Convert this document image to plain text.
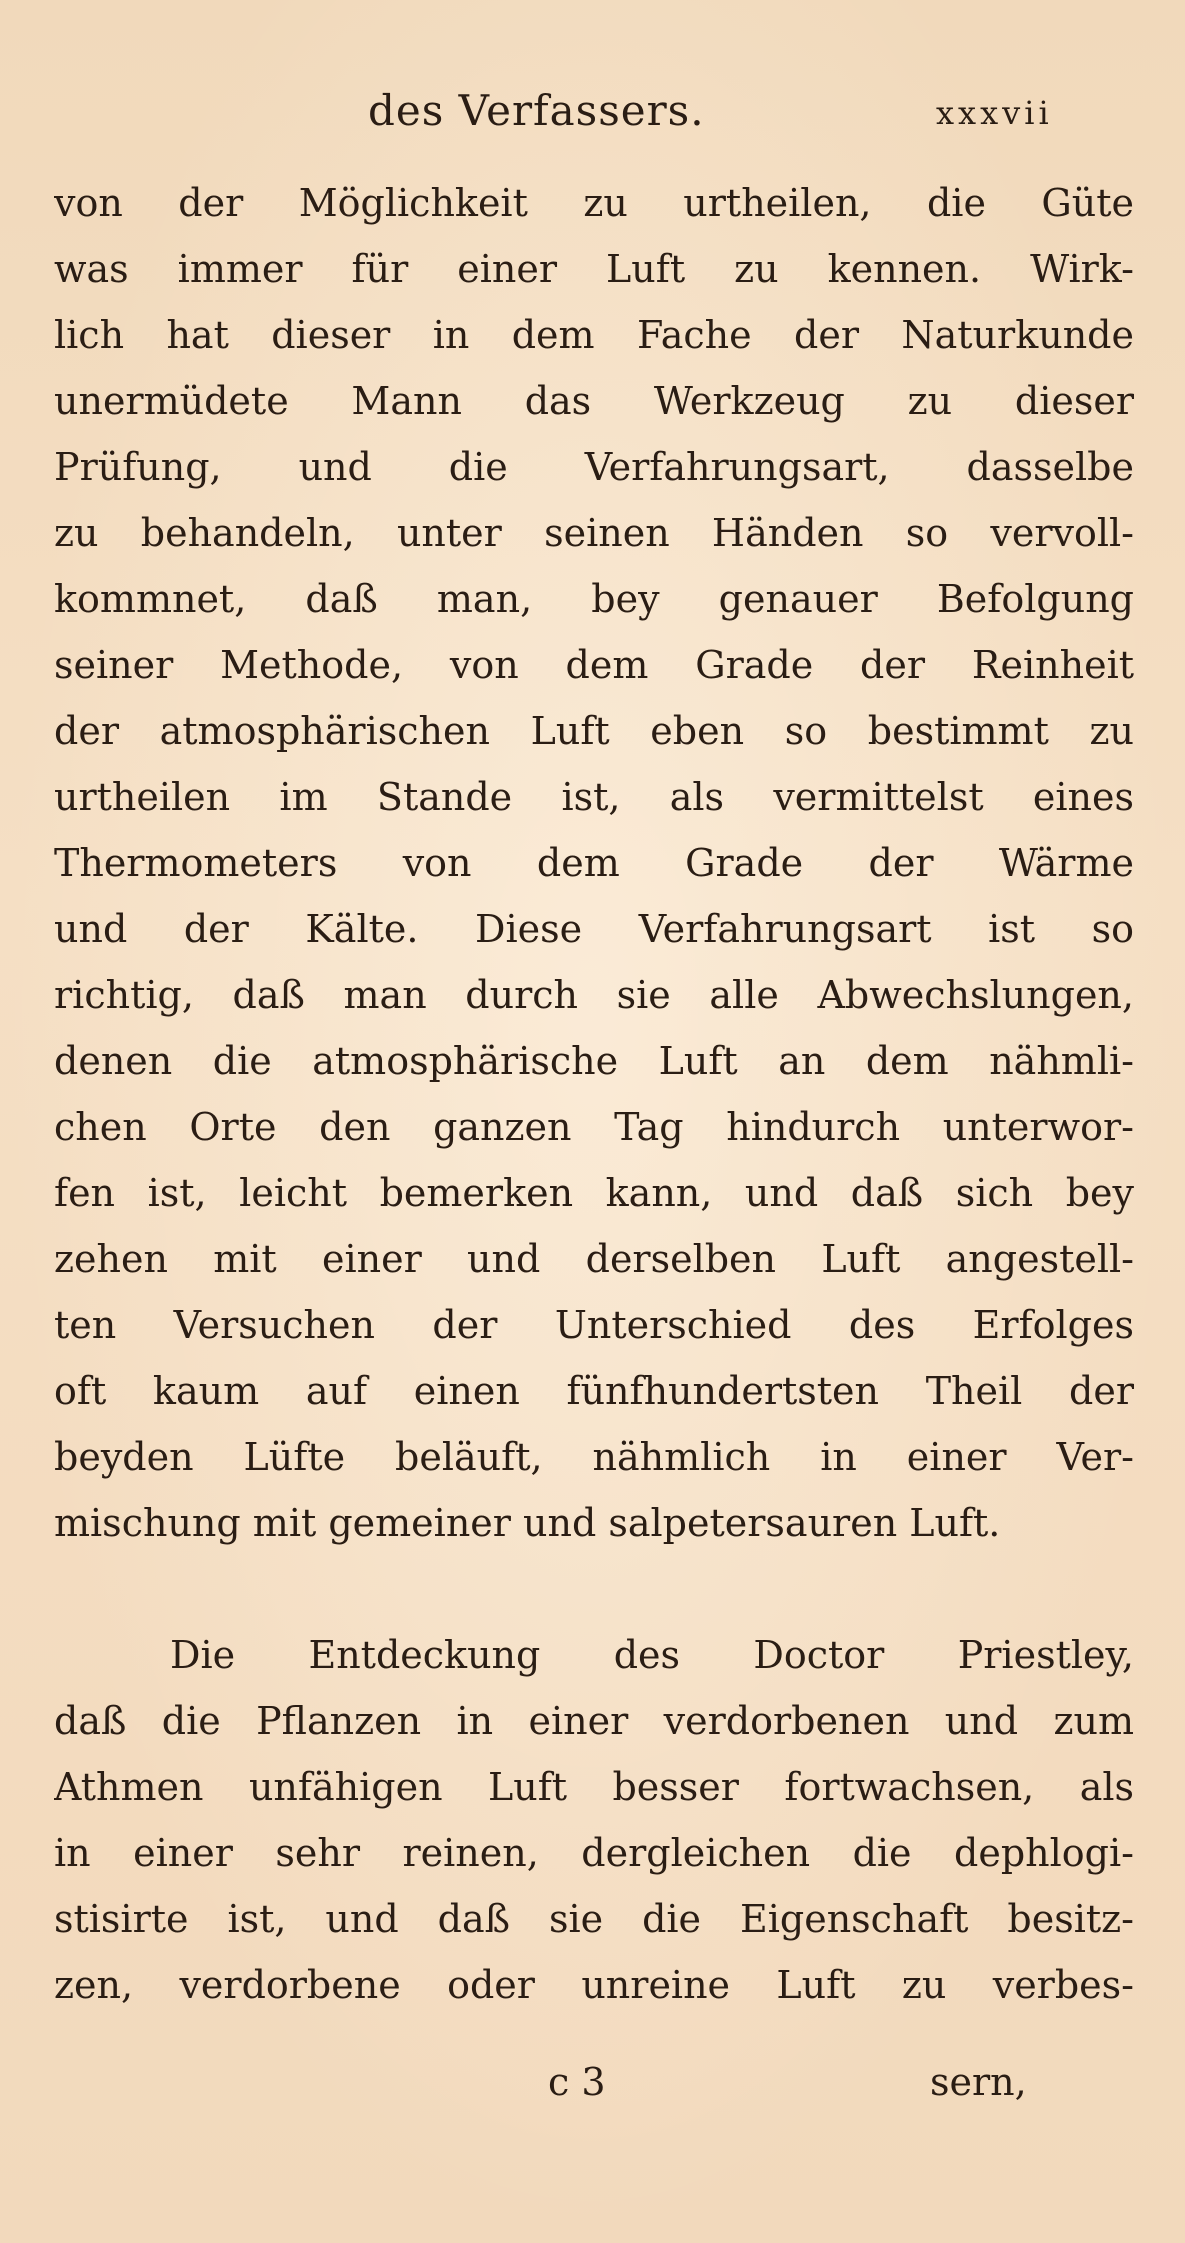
des Verfassers.	xxxvii
von der Möglichkeit zu urtheilen, die Güte
was immer für einer Luft zu kennen. Wirk-
lich hat dieser in dem Fache der Naturkunde
unermüdete Mann das Werkzeug zu dieser
Prüfung, und die Verfahrungsart, dasselbe
zu behandeln, unter seinen Händen so vervoll-
kommnet, daß man, bey genauer Befolgung
seiner Methode, von dem Grade der Reinheit
der atmosphärischen Luft eben so bestimmt zu
urtheilen im Stande ist, als vermittelst eines
Thermometers von dem Grade der Wärme
und der Kälte. Diese Verfahrungsart ist so
richtig, daß man durch sie alle Abwechslungen,
denen die atmosphärische Luft an dem nähmli-
chen Orte den ganzen Tag hindurch unterwor-
fen ist, leicht bemerken kann, und daß sich bey
zehen mit einer und derselben Luft angestell-
ten Versuchen der Unterschied des Erfolges
oft kaum auf einen fünfhundertsten Theil der
beyden Lüfte beläuft, nähmlich in einer Ver-
mischung mit gemeiner und salpetersauren Luft.
Die Entdeckung des Doctor Priestley,
daß die Pflanzen in einer verdorbenen und zum
Athmen unfähigen Luft besser fortwachsen, als
in einer sehr reinen, dergleichen die dephlogi-
stisirte ist, und daß sie die Eigenschaft besitz-
zen, verdorbene oder unreine Luft zu verbes-
c 3	sern,
